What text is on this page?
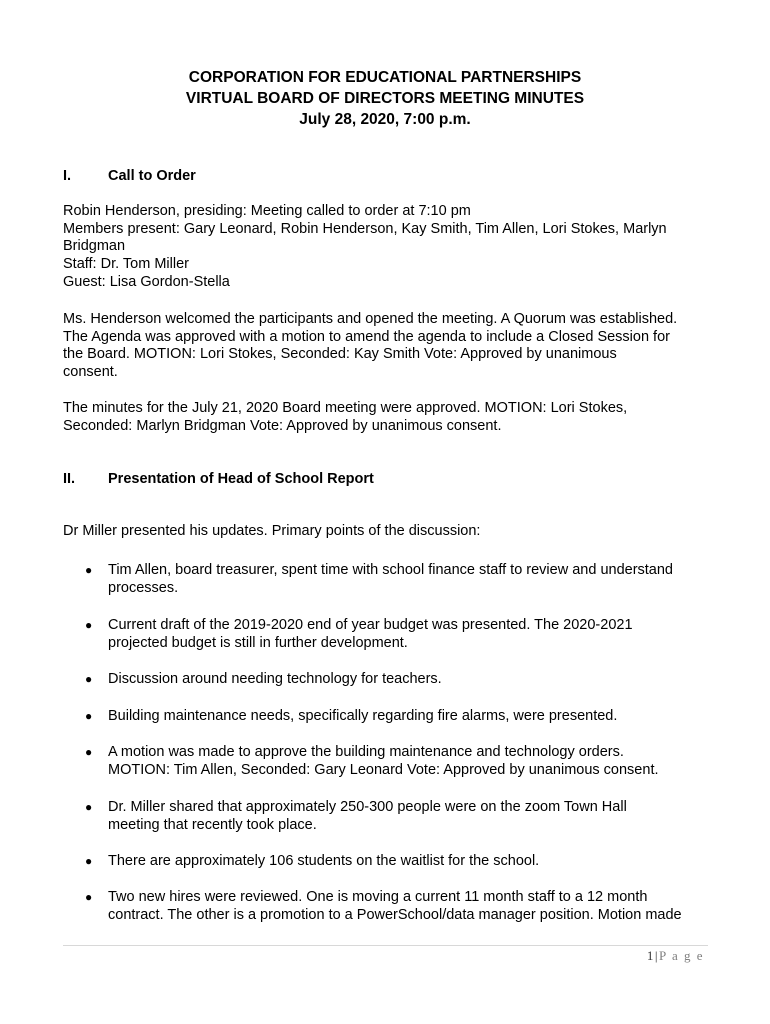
CORPORATION FOR EDUCATIONAL PARTNERSHIPS
VIRTUAL BOARD OF DIRECTORS MEETING MINUTES
July 28, 2020, 7:00 p.m.
I.	Call to Order
Robin Henderson, presiding: Meeting called to order at 7:10 pm
Members present: Gary Leonard, Robin Henderson, Kay Smith, Tim Allen, Lori Stokes, Marlyn
Bridgman
Staff: Dr. Tom Miller
Guest: Lisa Gordon-Stella
Ms. Henderson welcomed the participants and opened the meeting. A Quorum was established.
The Agenda was approved with a motion to amend the agenda to include a Closed Session for
the Board. MOTION: Lori Stokes, Seconded: Kay Smith Vote: Approved by unanimous
consent.
The minutes for the July 21, 2020 Board meeting were approved. MOTION: Lori Stokes,
Seconded: Marlyn Bridgman Vote: Approved by unanimous consent.
II.	Presentation of Head of School Report
Dr Miller presented his updates. Primary points of the discussion:
●	Tim Allen, board treasurer, spent time with school finance staff to review and understand
processes.
●	Current draft of the 2019-2020 end of year budget was presented. The 2020-2021
projected budget is still in further development.
●	Discussion around needing technology for teachers.
●	Building maintenance needs, specifically regarding fire alarms, were presented.
●	A motion was made to approve the building maintenance and technology orders.
MOTION: Tim Allen, Seconded: Gary Leonard Vote: Approved by unanimous consent.
●	Dr. Miller shared that approximately 250-300 people were on the zoom Town Hall
meeting that recently took place.
●	There are approximately 106 students on the waitlist for the school.
●	Two new hires were reviewed. One is moving a current 11 month staff to a 12 month
contract. The other is a promotion to a PowerSchool/data manager position. Motion made
1|P a g e
